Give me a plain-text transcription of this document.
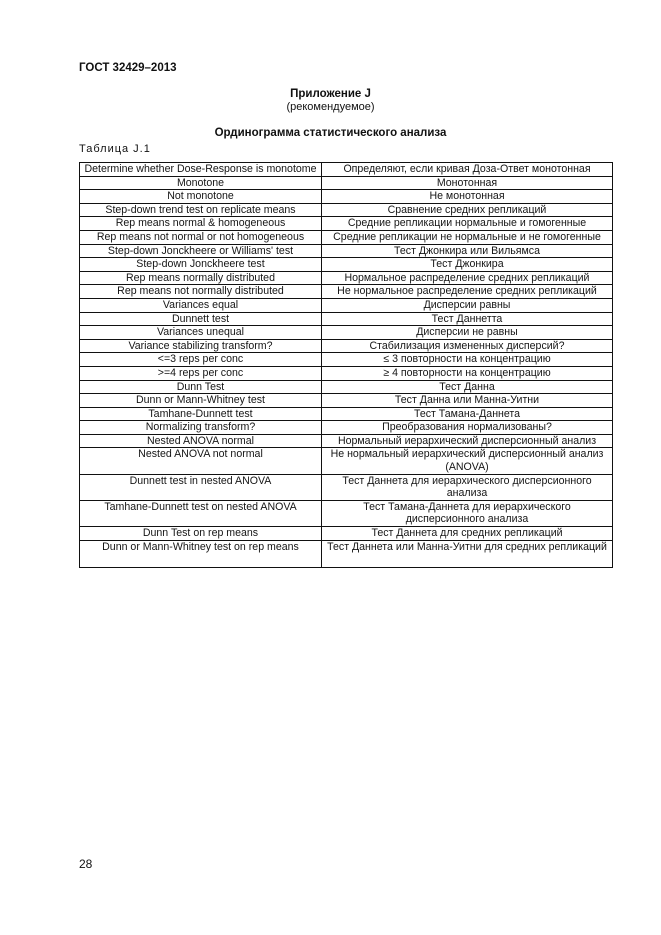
ГОСТ 32429–2013
Приложение J
(рекомендуемое)
Ординограмма статистического анализа
Таблица J.1
Determine whether Dose-Response is monotome	Определяют, если кривая Доза-Ответ монотонная
Monotone	Монотонная
Not monotone	Не монотонная
Step-down trend test on replicate means	Сравнение средних репликаций
Rep means normal & homogeneous	Средние репликации нормальные и гомогенные
Rep means not normal or not homogeneous	Средние репликации не нормальные и не гомогенные
Step-down Jonckheere or Williams' test	Тест Джонкира или Вильямса
Step-down Jonckheere test	Тест Джонкира
Rep means normally distributed	Нормальное распределение средних репликаций
Rep means not normally distributed	Не нормальное распределение средних репликаций
Variances equal	Дисперсии равны
Dunnett test	Тест Даннетта
Variances unequal	Дисперсии не равны
Variance stabilizing transform?	Стабилизация измененных дисперсий?
<=3 reps per conc	≤ 3 повторности на концентрацию
>=4 reps per conc	≥ 4 повторности на концентрацию
Dunn Test	Тест Данна
Dunn or Mann-Whitney test	Тест Данна или Манна-Уитни
Tamhane-Dunnett test	Тест Тамана-Даннета
Normalizing transform?	Преобразования нормализованы?
Nested ANOVA normal	Нормальный иерархический дисперсионный анализ
Nested ANOVA not normal	Не нормальный иерархический дисперсионный анализ (ANOVA)
Dunnett test in nested ANOVA	Тест Даннета для иерархического дисперсионного анализа
Tamhane-Dunnett test on nested ANOVA	Тест Тамана-Даннета для иерархического дисперсионного анализа
Dunn Test on rep means	Тест Даннета для средних репликаций
Dunn or Mann-Whitney test on rep means	Тест Даннета или Манна-Уитни для средних репликаций
28
